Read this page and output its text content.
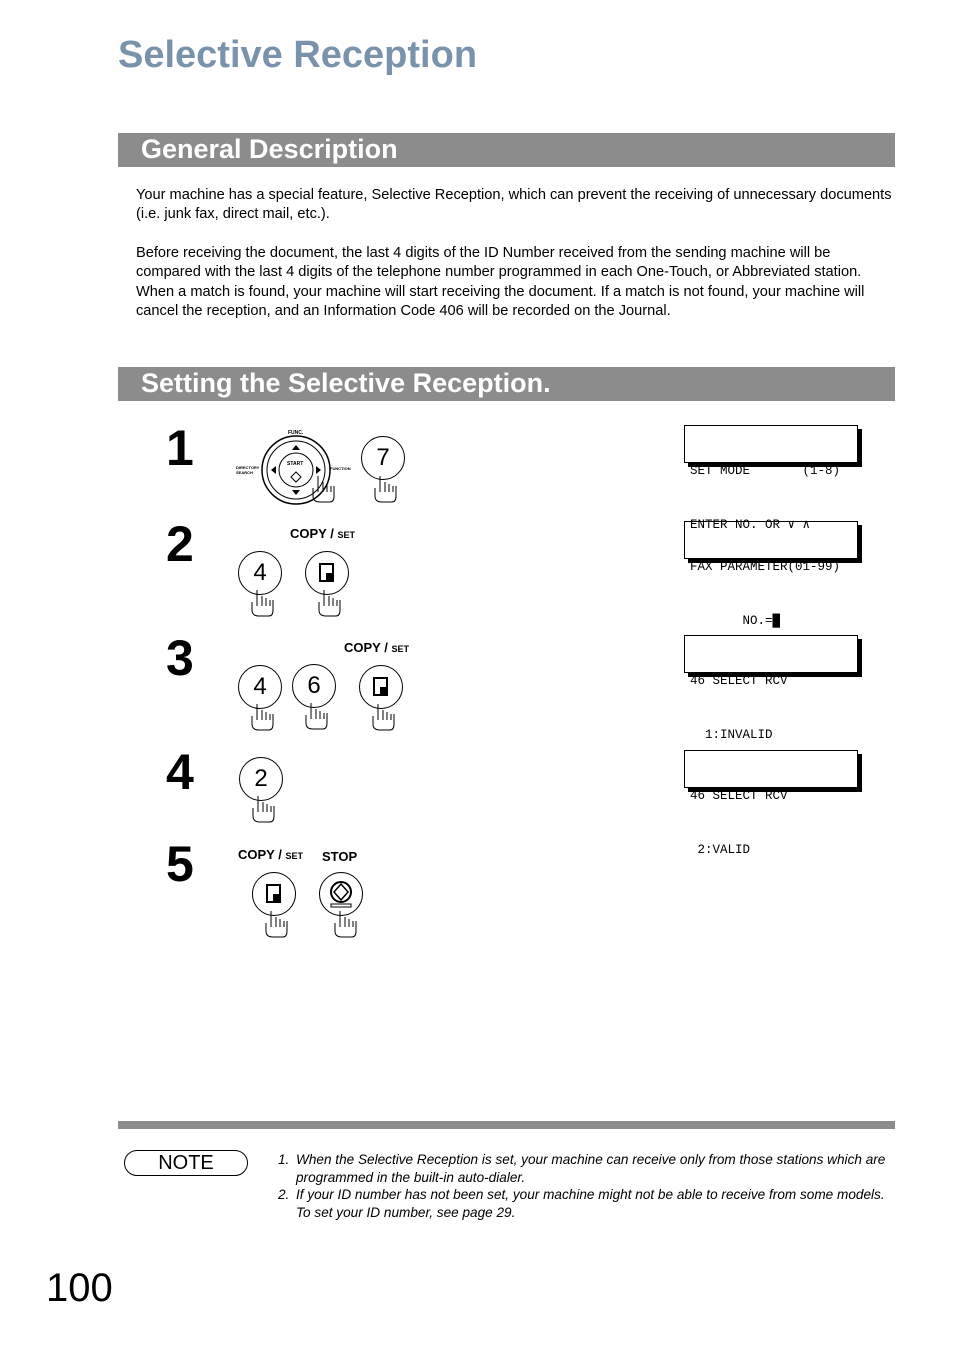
Selective Reception
General Description
Your machine has a special feature, Selective Reception, which can prevent the receiving of unnecessary documents (i.e. junk fax, direct mail, etc.).
Before receiving the document, the last 4 digits of the ID Number received from the sending machine will be compared with the last 4 digits of the telephone number programmed in each One-Touch, or Abbreviated station. When a match is found, your machine will start receiving the document. If a match is not found, your machine will cancel the reception, and an Information Code 406 will be recorded on the Journal.
Setting the Selective Reception.
1
2
3
4
5
FUNC.
START
DIRECTORY SEARCH
FUNCTION	7
COPY / SET
4
COPY / SET
4	6
2
COPY / SET STOP

SET MODE       (1-8)

ENTER NO. OR ∨ ∧

FAX PARAMETER(01-99)

NO.=█

46 SELECT RCV

1:INVALID

46 SELECT RCV

2:VALID

NOTE	1. When the Selective Reception is set, your machine can receive only from those stations which are programmed in the built-in auto-dialer.
2. If your ID number has not been set, your machine might not be able to receive from some models.
To set your ID number, see page 29.
100
